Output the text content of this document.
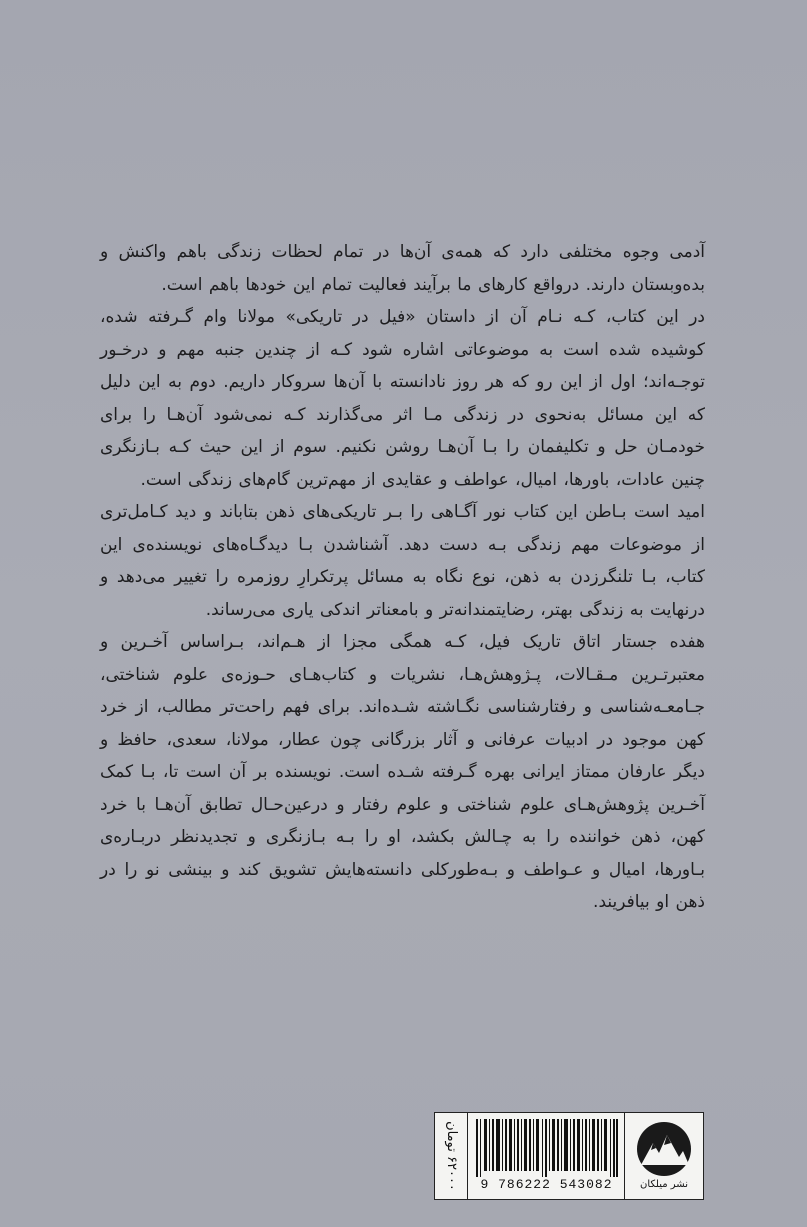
آدمی وجوه مختلفی دارد که همه‌ی آن‌ها در تمام لحظات زندگی باهم واکنش و بده‌وبستان دارند. درواقع کارهای ما برآیند فعالیت تمام این خودها باهم است.

در این کتاب، کـه نـام آن از داستان «فیل در تاریکی» مولانا وام گـرفته شده، کوشیده شده است به موضوعاتی اشاره شود کـه از چندین جنبه مهم و درخـور توجـه‌اند؛ اول از این رو که هر روز نادانسته با آن‌ها سروکار داریم. دوم به این دلیل که این مسائل به‌نحوی در زندگی مـا اثر می‌گذارند کـه نمی‌شود آن‌هـا را برای خودمـان حل و تکلیفمان را بـا آن‌هـا روشن نکنیم. سوم از این حیث کـه بـازنگری چنین عادات، باورها، امیال، عواطف و عقایدی از مهم‌ترین گام‌های زندگی است.

امید است بـاطن این کتاب نور آگـاهی را بـر تاریکی‌های ذهن بتاباند و دید کـامل‌تری از موضوعات مهم زندگی بـه دست دهد. آشناشدن بـا دیدگـاه‌های نویسنده‌ی این کتاب، بـا تلنگرزدن به ذهن، نوع نگاه به مسائل پرتکرارِ روزمره را تغییر می‌دهد و درنهایت به زندگی بهتر، رضایتمندانه‌تر و بامعناتر اندکی یاری می‌رساند.

هفده جستار اتاق تاریک فیل، کـه همگی مجزا از هـم‌اند، بـراساس آخـرین و معتبرتـرین مـقـالات، پـژوهش‌هـا، نشریات و کتاب‌هـای حـوزه‌ی علوم شناختی، جـامعـه‌شناسی و رفتارشناسی نگـاشته شـده‌اند. برای فهم راحت‌تر مطالب، از خرد کهن موجود در ادبیات عرفانی و آثار بزرگانی چون عطار، مولانا، سعدی، حافظ و دیگر عارفان ممتاز ایرانی بهره گـرفته شـده است. نویسنده بر آن است تا، بـا کمک آخـرین پژوهش‌هـای علوم شناختی و علوم رفتار و درعین‌حـال تطابق آن‌هـا با خرد کهن، ذهن خواننده را به چـالش بکشد، او را بـه بـازنگری و تجدیدنظر دربـاره‌ی بـاورها، امیال و عـواطف و بـه‌طورکلی دانسته‌هایش تشویق کند و بینشی نو را در ذهن او بیافریند.

۶۲۰۰۰ تومان	9 786222 543082	نشر میلکان
